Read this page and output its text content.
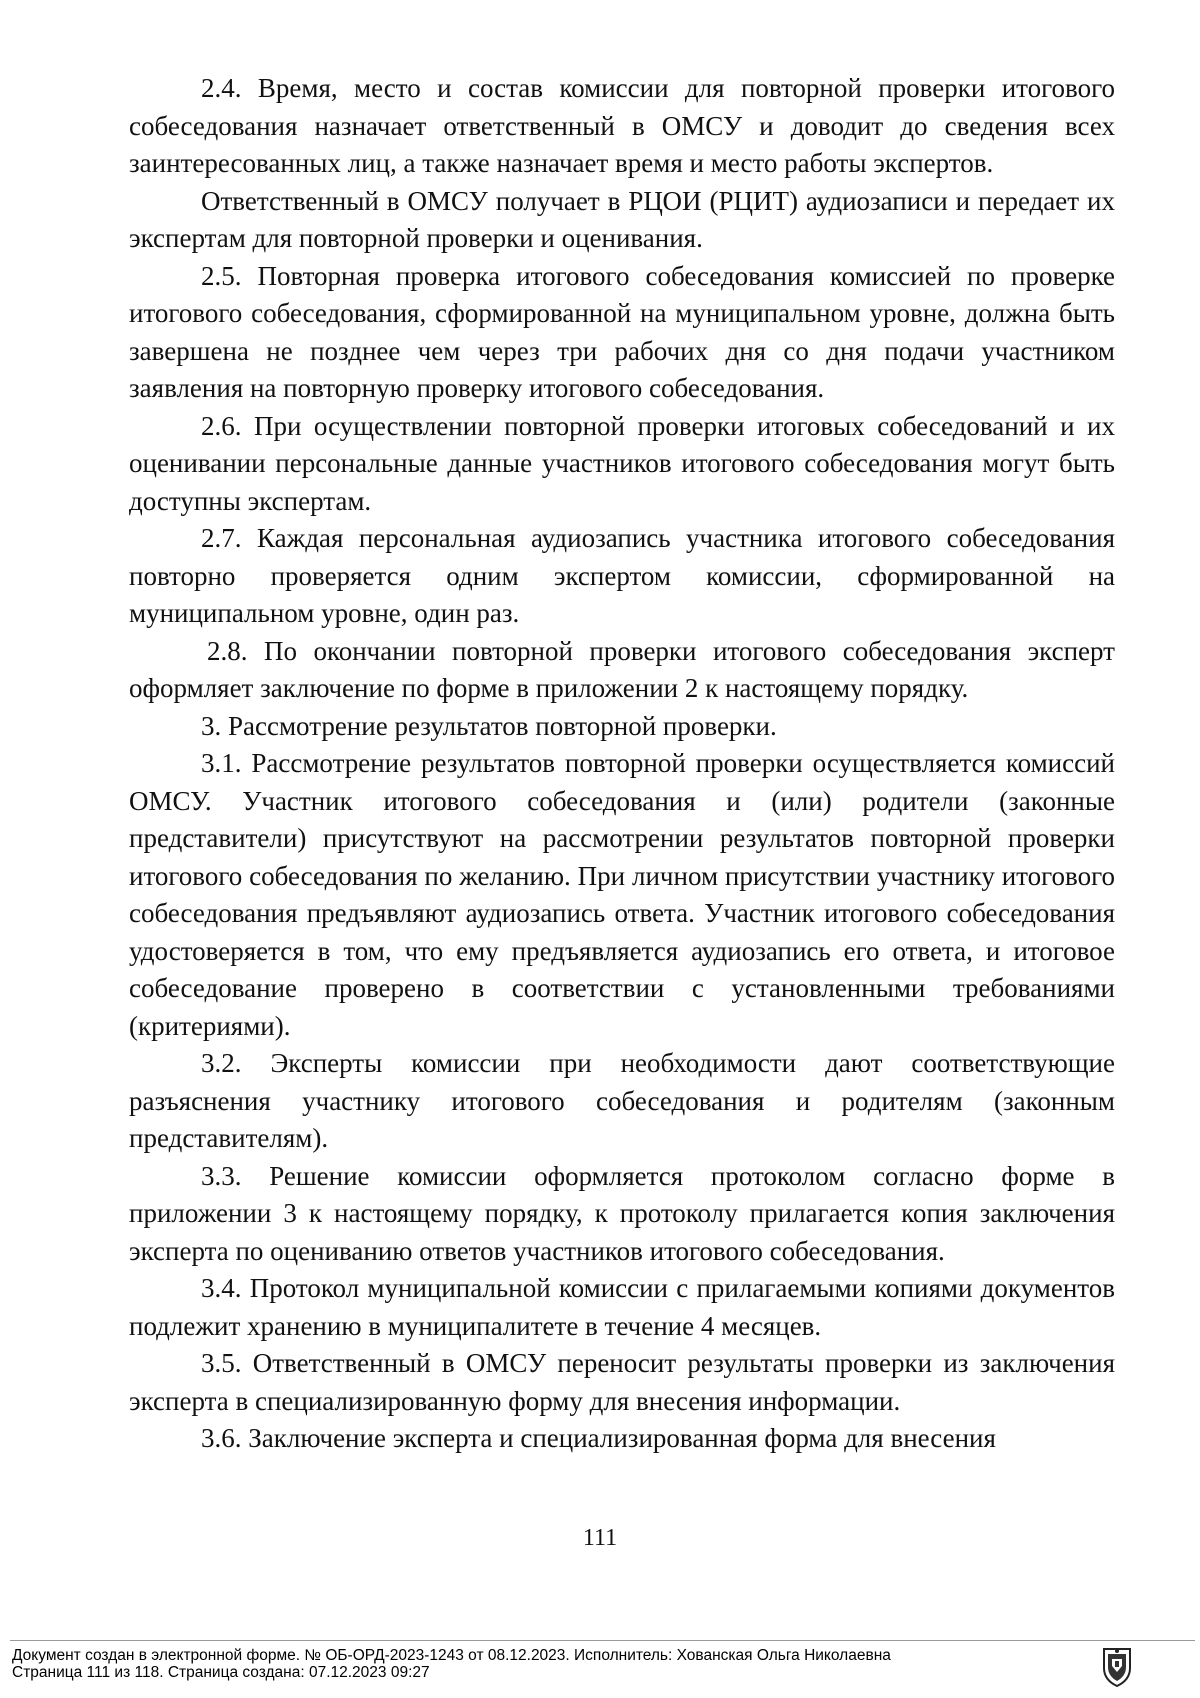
2.4. Время, место и состав комиссии для повторной проверки итогового собеседования назначает ответственный в ОМСУ и доводит до сведения всех заинтересованных лиц, а также назначает время и место работы экспертов.

Ответственный в ОМСУ получает в РЦОИ (РЦИТ) аудиозаписи и передает их экспертам для повторной проверки и оценивания.

2.5. Повторная проверка итогового собеседования комиссией по проверке итогового собеседования, сформированной на муниципальном уровне, должна быть завершена не позднее чем через три рабочих дня со дня подачи участником заявления на повторную проверку итогового собеседования.

2.6. При осуществлении повторной проверки итоговых собеседований и их оценивании персональные данные участников итогового собеседования могут быть доступны экспертам.

2.7. Каждая персональная аудиозапись участника итогового собеседования повторно проверяется одним экспертом комиссии, сформированной на муниципальном уровне, один раз.

2.8. По окончании повторной проверки итогового собеседования эксперт оформляет заключение по форме в приложении 2 к настоящему порядку.

3. Рассмотрение результатов повторной проверки.

3.1. Рассмотрение результатов повторной проверки осуществляется комиссий ОМСУ. Участник итогового собеседования и (или) родители (законные представители) присутствуют на рассмотрении результатов повторной проверки итогового собеседования по желанию. При личном присутствии участнику итогового собеседования предъявляют аудиозапись ответа. Участник итогового собеседования удостоверяется в том, что ему предъявляется аудиозапись его ответа, и итоговое собеседование проверено в соответствии с установленными требованиями (критериями).

3.2. Эксперты комиссии при необходимости дают соответствующие разъяснения участнику итогового собеседования и родителям (законным представителям).

3.3. Решение комиссии оформляется протоколом согласно форме в приложении 3 к настоящему порядку, к протоколу прилагается копия заключения эксперта по оцениванию ответов участников итогового собеседования.

3.4. Протокол муниципальной комиссии с прилагаемыми копиями документов подлежит хранению в муниципалитете в течение 4 месяцев.

3.5. Ответственный в ОМСУ переносит результаты проверки из заключения эксперта в специализированную форму для внесения информации.

3.6. Заключение эксперта и специализированная форма для внесения

111
Документ создан в электронной форме. № ОБ-ОРД-2023-1243 от 08.12.2023. Исполнитель: Хованская Ольга Николаевна
Страница 111 из 118. Страница создана: 07.12.2023 09:27
